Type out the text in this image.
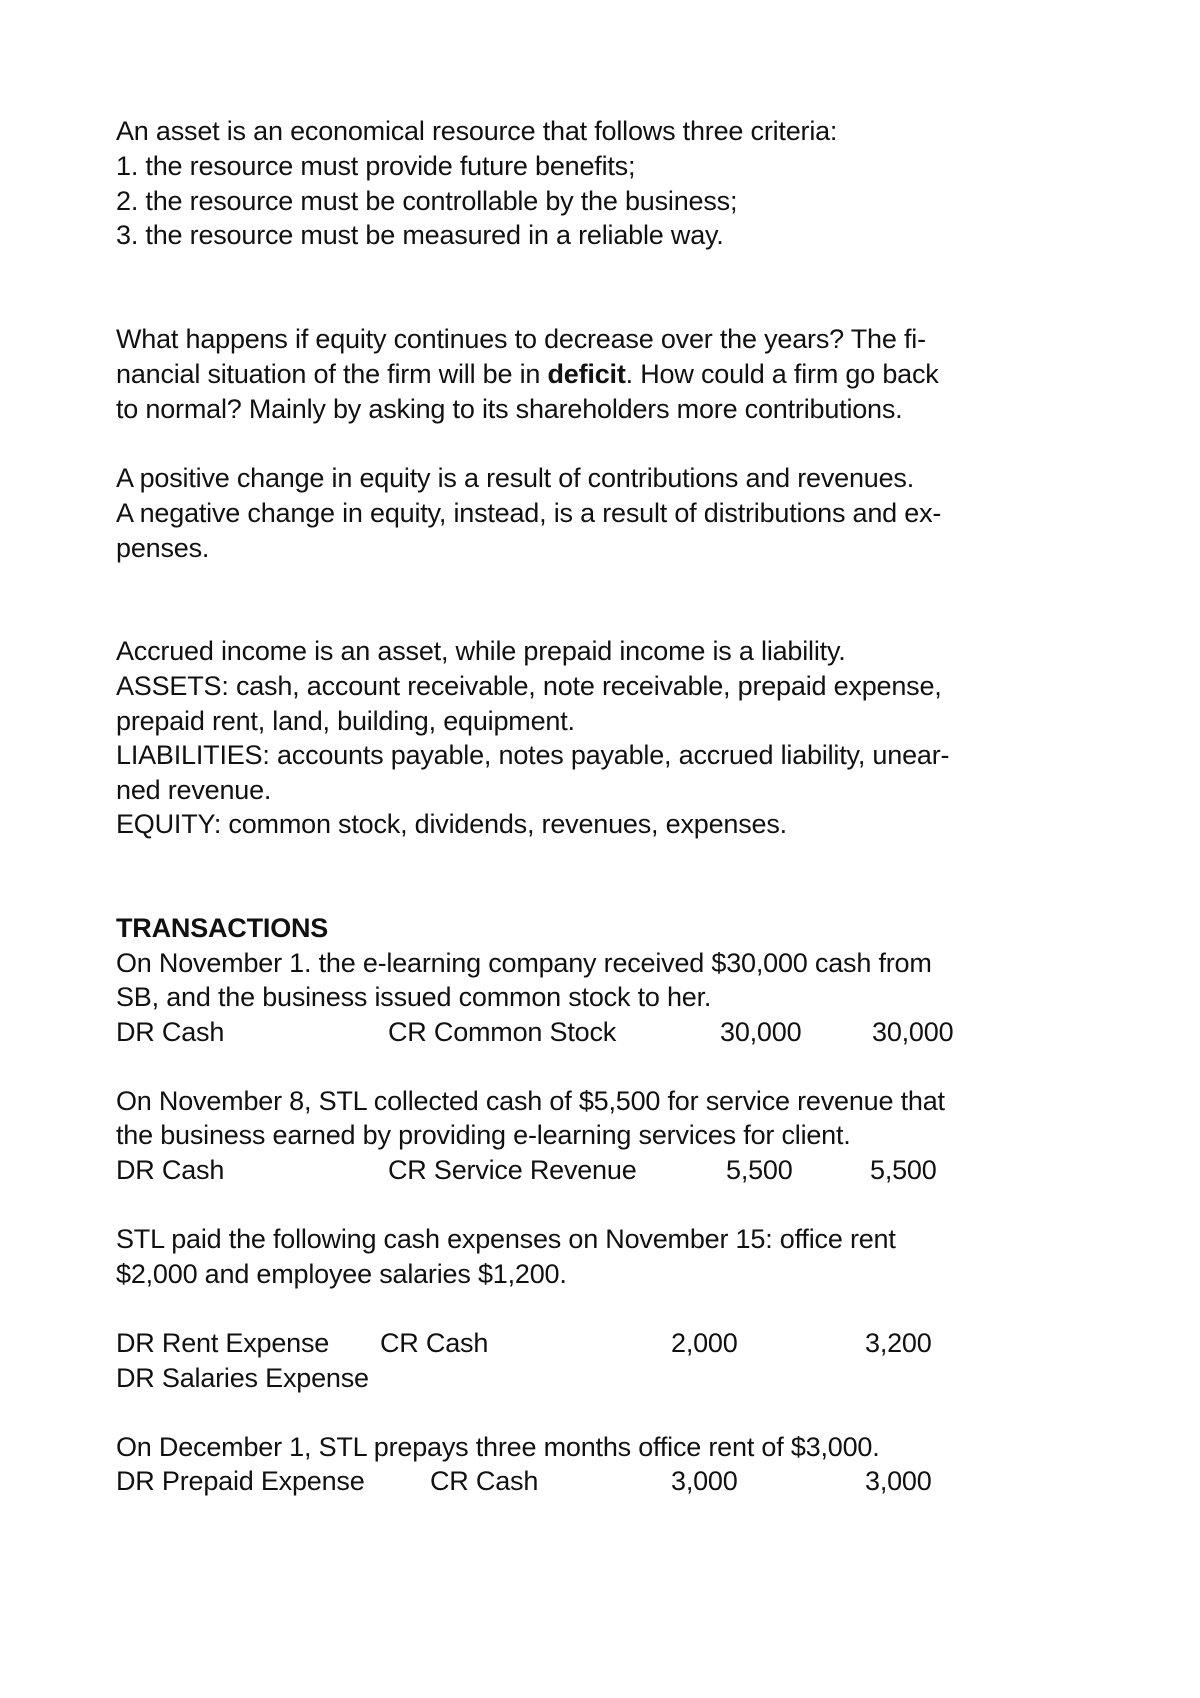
An asset is an economical resource that follows three criteria:
1. the resource must provide future benefits;
2. the resource must be controllable by the business;
3. the resource must be measured in a reliable way.
What happens if equity continues to decrease over the years? The fi-
nancial situation of the firm will be in deficit. How could a firm go back
to normal? Mainly by asking to its shareholders more contributions.
A positive change in equity is a result of contributions and revenues.
A negative change in equity, instead, is a result of distributions and ex-
penses.
Accrued income is an asset, while prepaid income is a liability.
ASSETS: cash, account receivable, note receivable, prepaid expense,
prepaid rent, land, building, equipment.
LIABILITIES: accounts payable, notes payable, accrued liability, unear-
ned revenue.
EQUITY: common stock, dividends, revenues, expenses.
TRANSACTIONS
On November 1. the e-learning company received $30,000 cash from
SB, and the business issued common stock to her.
DR Cash	CR Common Stock	30,000	30,000
On November 8, STL collected cash of $5,500 for service revenue that
the business earned by providing e-learning services for client.
DR Cash	CR Service Revenue	5,500	5,500
STL paid the following cash expenses on November 15: office rent
$2,000 and employee salaries $1,200.
DR Rent Expense CR Cash	2,000	3,200
DR Salaries Expense
On December 1, STL prepays three months office rent of $3,000.
DR Prepaid Expense CR Cash	3,000	3,000
